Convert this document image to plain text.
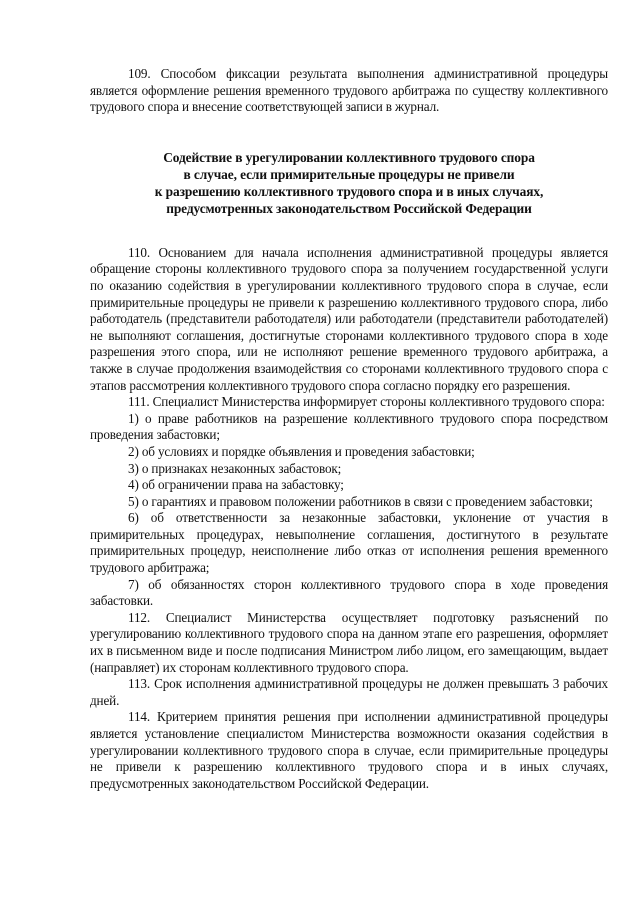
109. Способом фиксации результата выполнения административной процедуры является оформление решения временного трудового арбитража по существу коллективного трудового спора и внесение соответствующей записи в журнал.

Содействие в урегулировании коллективного трудового спора
в случае, если примирительные процедуры не привели
к разрешению коллективного трудового спора и в иных случаях,
предусмотренных законодательством Российской Федерации

110. Основанием для начала исполнения административной процедуры является обращение стороны коллективного трудового спора за получением государственной услуги по оказанию содействия в урегулировании коллективного трудового спора в случае, если примирительные процедуры не привели к разрешению коллективного трудового спора, либо работодатель (представители работодателя) или работодатели (представители работодателей) не выполняют соглашения, достигнутые сторонами коллективного трудового спора в ходе разрешения этого спора, или не исполняют решение временного трудового арбитража, а также в случае продолжения взаимодействия со сторонами коллективного трудового спора с этапов рассмотрения коллективного трудового спора согласно порядку его разрешения.

111. Специалист Министерства информирует стороны коллективного трудового спора:

1) о праве работников на разрешение коллективного трудового спора посредством проведения забастовки;

2) об условиях и порядке объявления и проведения забастовки;

3) о признаках незаконных забастовок;

4) об ограничении права на забастовку;

5) о гарантиях и правовом положении работников в связи с проведением забастовки;

6) об ответственности за незаконные забастовки, уклонение от участия в примирительных процедурах, невыполнение соглашения, достигнутого в результате примирительных процедур, неисполнение либо отказ от исполнения решения временного трудового арбитража;

7) об обязанностях сторон коллективного трудового спора в ходе проведения забастовки.

112. Специалист Министерства осуществляет подготовку разъяснений по урегулированию коллективного трудового спора на данном этапе его разрешения, оформляет их в письменном виде и после подписания Министром либо лицом, его замещающим, выдает (направляет) их сторонам коллективного трудового спора.

113. Срок исполнения административной процедуры не должен превышать 3 рабочих дней.

114. Критерием принятия решения при исполнении административной процедуры является установление специалистом Министерства возможности оказания содействия в урегулировании коллективного трудового спора в случае, если примирительные процедуры не привели к разрешению коллективного трудового спора и в иных случаях, предусмотренных законодательством Российской Федерации.
